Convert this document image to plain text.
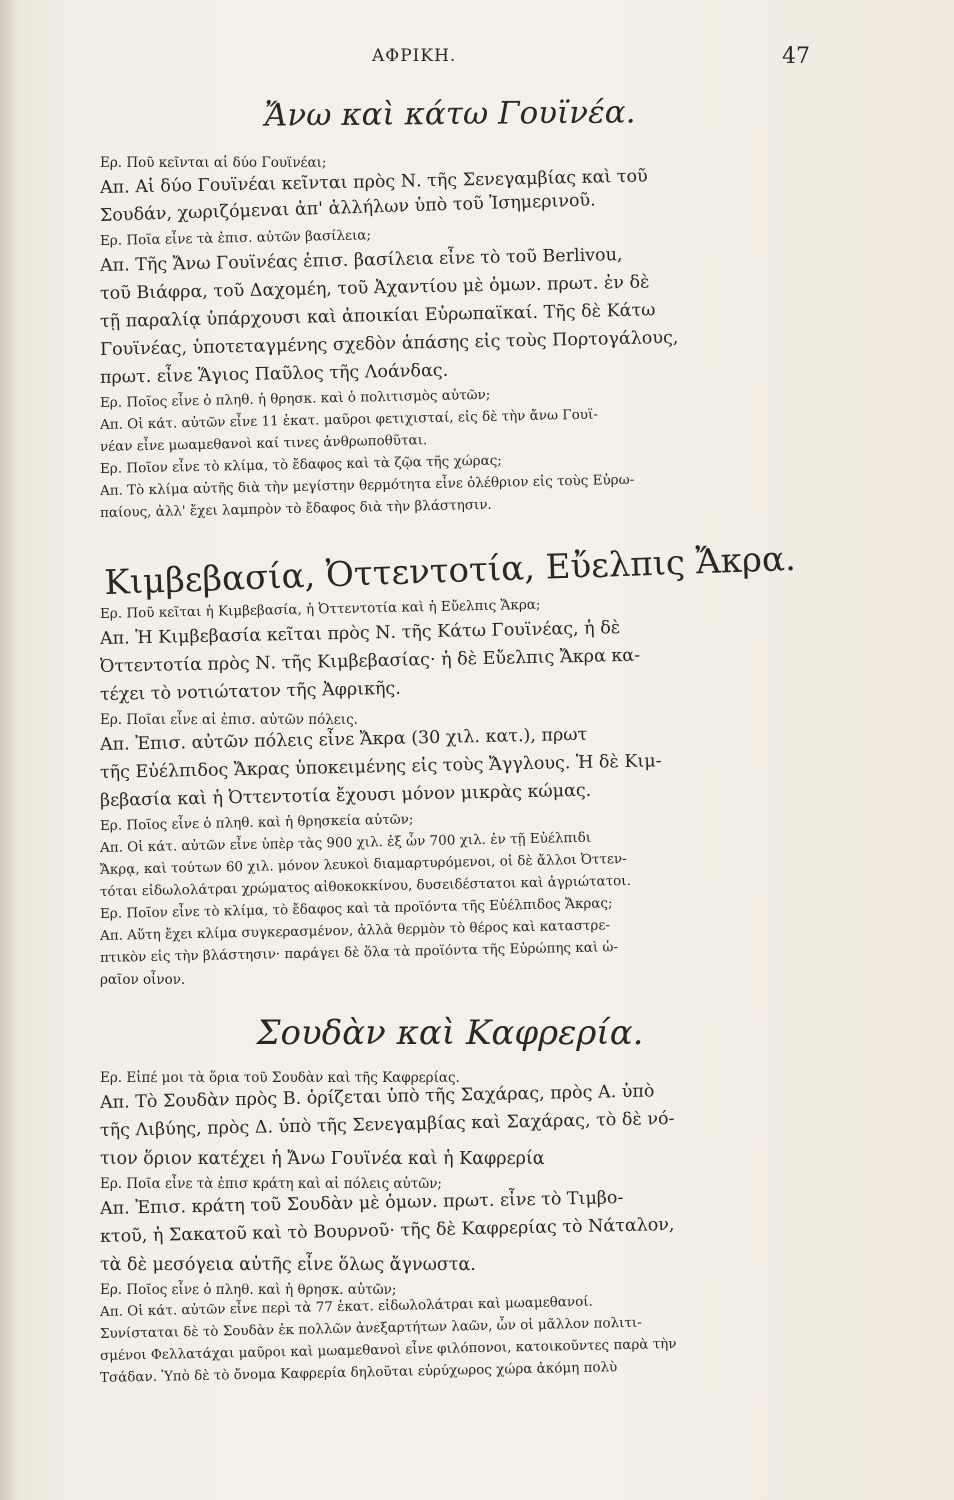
ΑΦΡΙΚΗ.	47
Ἄνω καὶ κάτω Γουϊνέα.

Ερ. Ποῦ κεῖνται αἱ δύο Γουϊνέαι;

Απ. Αἱ δύο Γουϊνέαι κεῖνται πρὸς Ν. τῆς Σενεγαμβίας καὶ τοῦ

Σουδάν, χωριζόμεναι ἀπ' ἀλλήλων ὑπὸ τοῦ Ἰσημερινοῦ.

Ερ. Ποῖα εἶνε τὰ ἐπισ. αὐτῶν βασίλεια;

Απ. Τῆς Ἄνω Γουϊνέας ἐπισ. βασίλεια εἶνε τὸ τοῦ Berlivou,

τοῦ Βιάφρα, τοῦ Δαχομέη, τοῦ Ἀχαντίου μὲ ὁμων. πρωτ. ἐν δὲ

τῇ παραλίᾳ ὑπάρχουσι καὶ ἀποικίαι Εὐρωπαϊκαί. Τῆς δὲ Κάτω

Γουϊνέας, ὑποτεταγμένης σχεδὸν ἁπάσης εἰς τοὺς Πορτογάλους,

πρωτ. εἶνε Ἅγιος Παῦλος τῆς Λοάνδας.

Ερ. Ποῖος εἶνε ὁ πληθ. ἡ θρησκ. καὶ ὁ πολιτισμὸς αὐτῶν;

Απ. Οἱ κάτ. αὐτῶν εἶνε 11 ἑκατ. μαῦροι φετιχισταί, εἰς δὲ τὴν ἄνω Γουϊ-

νέαν εἶνε μωαμεθανοὶ καί τινες ἀνθρωποθῦται.

Ερ. Ποῖον εἶνε τὸ κλίμα, τὸ ἔδαφος καὶ τὰ ζῷα τῆς χώρας;

Απ. Τὸ κλίμα αὐτῆς διὰ τὴν μεγίστην θερμότητα εἶνε ὀλέθριον εἰς τοὺς Εὐρω-

παίους, ἀλλ' ἔχει λαμπρὸν τὸ ἔδαφος διὰ τὴν βλάστησιν.

Κιμβεβασία, Ὀττεντοτία, Εὔελπις Ἄκρα.

Ερ. Ποῦ κεῖται ἡ Κιμβεβασία, ἡ Ὀττεντοτία καὶ ἡ Εὔελπις Ἄκρα;

Απ. Ἡ Κιμβεβασία κεῖται πρὸς Ν. τῆς Κάτω Γουϊνέας, ἡ δὲ

Ὀττεντοτία πρὸς Ν. τῆς Κιμβεβασίας· ἡ δὲ Εὔελπις Ἄκρα κα-

τέχει τὸ νοτιώτατον τῆς Ἀφρικῆς.

Ερ. Ποῖαι εἶνε αἱ ἐπισ. αὐτῶν πόλεις.

Απ. Ἐπισ. αὐτῶν πόλεις εἶνε Ἄκρα (30 χιλ. κατ.), πρωτ

τῆς Εὐέλπιδος Ἄκρας ὑποκειμένης εἰς τοὺς Ἄγγλους. Ἡ δὲ Κιμ-

βεβασία καὶ ἡ Ὀττεντοτία ἔχουσι μόνον μικρὰς κώμας.

Ερ. Ποῖος εἶνε ὁ πληθ. καὶ ἡ θρησκεία αὐτῶν;

Απ. Οἱ κάτ. αὐτῶν εἶνε ὑπὲρ τὰς 900 χιλ. ἐξ ὧν 700 χιλ. ἐν τῇ Εὐέλπιδι

Ἄκρᾳ, καὶ τούτων 60 χιλ. μόνον λευκοὶ διαμαρτυρόμενοι, οἱ δὲ ἄλλοι Ὀττεν-

τόται εἰδωλολάτραι χρώματος αἰθοκοκκίνου, δυσειδέστατοι καὶ ἀγριώτατοι.

Ερ. Ποῖον εἶνε τὸ κλίμα, τὸ ἔδαφος καὶ τὰ προϊόντα τῆς Εὐέλπιδος Ἄκρας;

Απ. Αὕτη ἔχει κλίμα συγκερασμένον, ἀλλὰ θερμὸν τὸ θέρος καὶ καταστρε-

πτικὸν εἰς τὴν βλάστησιν· παράγει δὲ ὅλα τὰ προϊόντα τῆς Εὐρώπης καὶ ὡ-

ραῖον οἶνον.

Σουδὰν καὶ Καφρερία.

Ερ. Εἰπέ μοι τὰ ὅρια τοῦ Σουδὰν καὶ τῆς Καφρερίας.

Απ. Τὸ Σουδὰν πρὸς Β. ὁρίζεται ὑπὸ τῆς Σαχάρας, πρὸς Α. ὑπὸ

τῆς Λιβύης, πρὸς Δ. ὑπὸ τῆς Σενεγαμβίας καὶ Σαχάρας, τὸ δὲ νό-

τιον ὅριον κατέχει ἡ Ἄνω Γουϊνέα καὶ ἡ Καφρερία

Ερ. Ποῖα εἶνε τὰ ἐπισ κράτη καὶ αἱ πόλεις αὐτῶν;

Απ. Ἐπισ. κράτη τοῦ Σουδὰν μὲ ὁμων. πρωτ. εἶνε τὸ Τιμβο-

κτοῦ, ἡ Σακατοῦ καὶ τὸ Βουρνοῦ· τῆς δὲ Καφρερίας τὸ Νάταλον,

τὰ δὲ μεσόγεια αὐτῆς εἶνε ὅλως ἄγνωστα.

Ερ. Ποῖος εἶνε ὁ πληθ. καὶ ἡ θρησκ. αὐτῶν;

Απ. Οἱ κάτ. αὐτῶν εἶνε περὶ τὰ 77 ἑκατ. εἰδωλολάτραι καὶ μωαμεθανοί.

Συνίσταται δὲ τὸ Σουδὰν ἐκ πολλῶν ἀνεξαρτήτων λαῶν, ὧν οἱ μᾶλλον πολιτι-

σμένοι Φελλατάχαι μαῦροι καὶ μωαμεθανοὶ εἶνε φιλόπονοι, κατοικοῦντες παρὰ τὴν

Τσάδαν. Ὑπὸ δὲ τὸ ὄνομα Καφρερία δηλοῦται εὐρύχωρος χώρα ἀκόμη πολὺ
